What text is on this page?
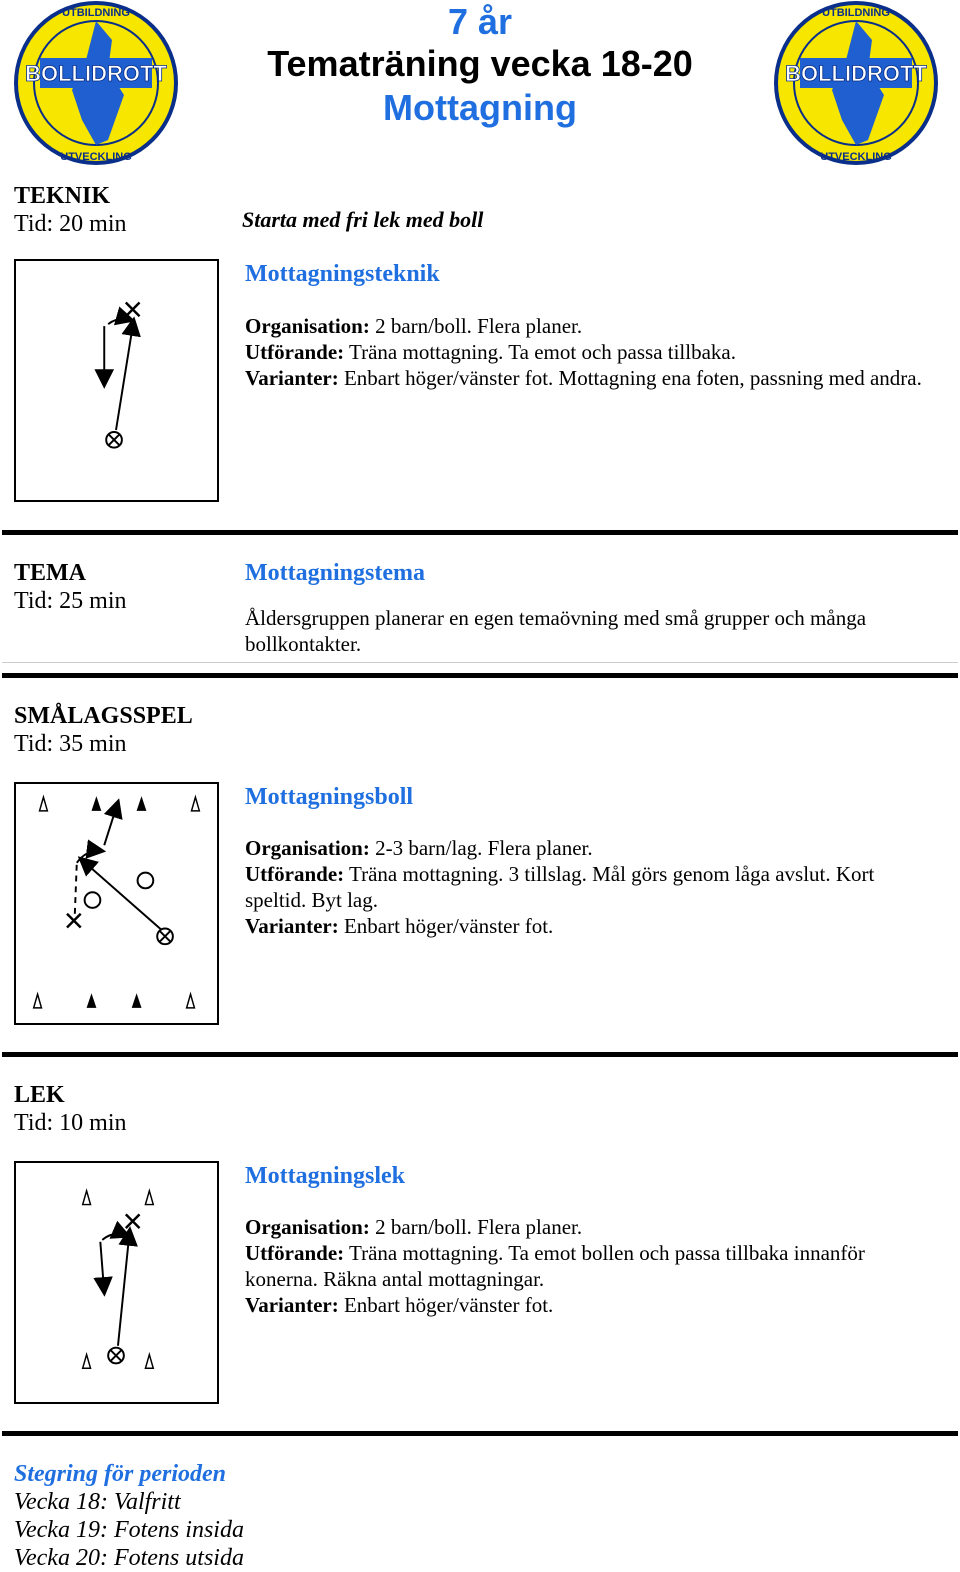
BOLLIDROTT
UTBILDNING
UTVECKLING
BOLLIDROTT
UTBILDNING
UTVECKLING
7 år
Tematräning vecka 18-20
Mottagning
TEKNIK
Tid: 20 min	Starta med fri lek med boll
Mottagningsteknik

Organisation: 2 barn/boll. Flera planer.

Utförande: Träna mottagning. Ta emot och passa tillbaka.

Varianter: Enbart höger/vänster fot. Mottagning ena foten, passning med andra.

TEMA
Tid: 25 min
Mottagningstema
Åldersgruppen planerar en egen temaövning med små grupper och många bollkontakter.
SMÅLAGSSPEL
Tid: 35 min
Mottagningsboll

Organisation: 2-3 barn/lag. Flera planer.

Utförande: Träna mottagning. 3 tillslag. Mål görs genom låga avslut. Kort speltid. Byt lag.

Varianter: Enbart höger/vänster fot.

LEK
Tid: 10 min
Mottagningslek

Organisation: 2 barn/boll. Flera planer.

Utförande: Träna mottagning. Ta emot bollen och passa tillbaka innanför konerna. Räkna antal mottagningar.

Varianter: Enbart höger/vänster fot.

Stegring för perioden
Vecka 18: Valfritt
Vecka 19: Fotens insida
Vecka 20: Fotens utsida
